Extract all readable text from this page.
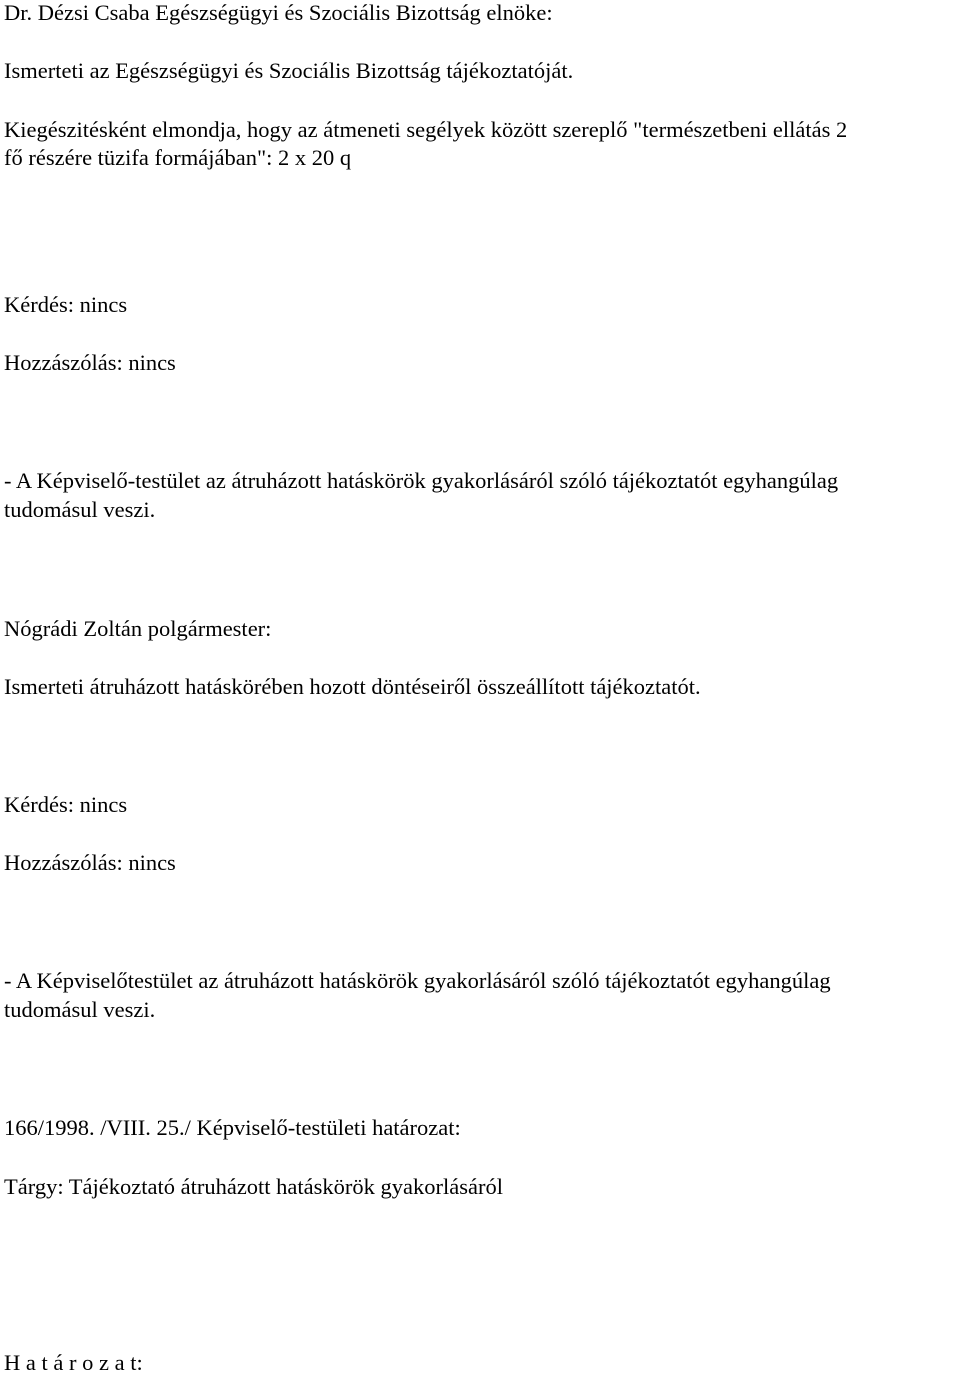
Dr. Dézsi Csaba Egészségügyi és Szociális Bizottság elnöke:

Ismerteti az Egészségügyi és Szociális Bizottság tájékoztatóját.

Kiegészitésként elmondja, hogy az átmeneti segélyek között szereplő "természetbeni ellátás 2

fő részére tüzifa formájában": 2 x 20 q

Kérdés: nincs

Hozzászólás: nincs

- A Képviselő-testület az átruházott hatáskörök gyakorlásáról szóló tájékoztatót egyhangúlag

tudomásul veszi.

Nógrádi Zoltán polgármester:

Ismerteti átruházott hatáskörében hozott döntéseiről összeállított tájékoztatót.

Kérdés: nincs

Hozzászólás: nincs

- A Képviselőtestület az átruházott hatáskörök gyakorlásáról szóló tájékoztatót egyhangúlag

tudomásul veszi.

166/1998. /VIII. 25./ Képviselő-testületi határozat:

Tárgy: Tájékoztató átruházott hatáskörök gyakorlásáról

H a t á r o z a t:
